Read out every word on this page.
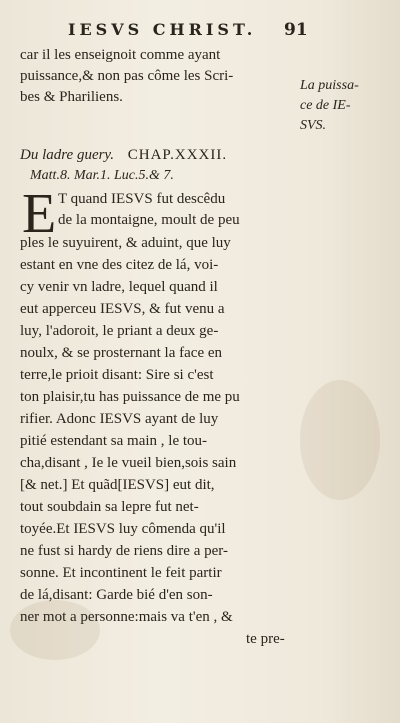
IESVS CHRIST. 91
car il les enseignoit comme ayant
puissance,& non pas côme les Scri-
bes & Phariliens.
La puissa-
ce de IE-
SVS.
Du ladre guery. CHAP.XXXII.
Matt.8. Mar.1. Luc.5.& 7.
E T quand IESVS fut descêdu
de la montaigne, moult de peu
ples le suyuirent, & aduint, que luy
estant en vne des citez de lá, voi-
cy venir vn ladre, lequel quand il
eut apperceu IESVS, & fut venu a
luy, l'adoroit, le priant a deux ge-
noulx, & se prosternant la face en
terre,le prioit disant: Sire si c'est
ton plaisir,tu has puissance de me pu
rifier. Adonc IESVS ayant de luy
pitié estendant sa main , le tou-
cha,disant , Ie le vueil bien,sois sain
[& net.] Et quãd[IESVS] eut dit,
tout soubdain sa lepre fut net-
toyée.Et IESVS luy cômenda qu'il
ne fust si hardy de riens dire a per-
sonne. Et incontinent le feit partir
de lá,disant: Garde bié d'en son-
ner mot a personne:mais va t'en , &
te pre-
